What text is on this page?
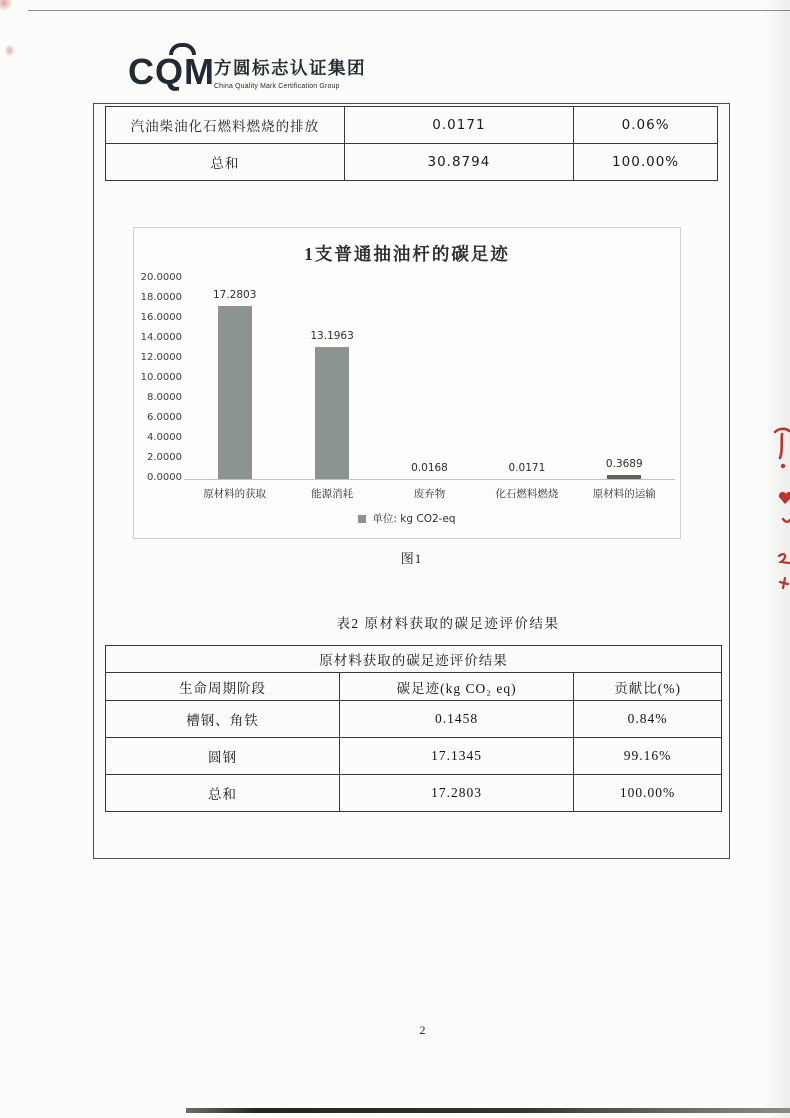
CQM 方圆标志认证集团
China Quality Mark Certification Group
汽油柴油化石燃料燃烧的排放	0.0171	0.06%
总和	30.8794	100.00%
1支普通抽油杆的碳足迹
20.0000
18.0000
16.0000
14.0000
12.0000
10.0000
8.0000
6.0000
4.0000
2.0000
0.0000
17.2803
原材料的获取
13.1963
能源消耗
0.0168
废弃物
0.0171
化石燃料燃烧
0.3689
原材料的运输
单位: kg CO2-eq
图1
表2 原材料获取的碳足迹评价结果
原材料获取的碳足迹评价结果		
生命周期阶段	碳足迹(kg CO₂ eq)	贡献比(%)
槽钢、角铁	0.1458	0.84%
圆钢	17.1345	99.16%
总和	17.2803	100.00%
2
